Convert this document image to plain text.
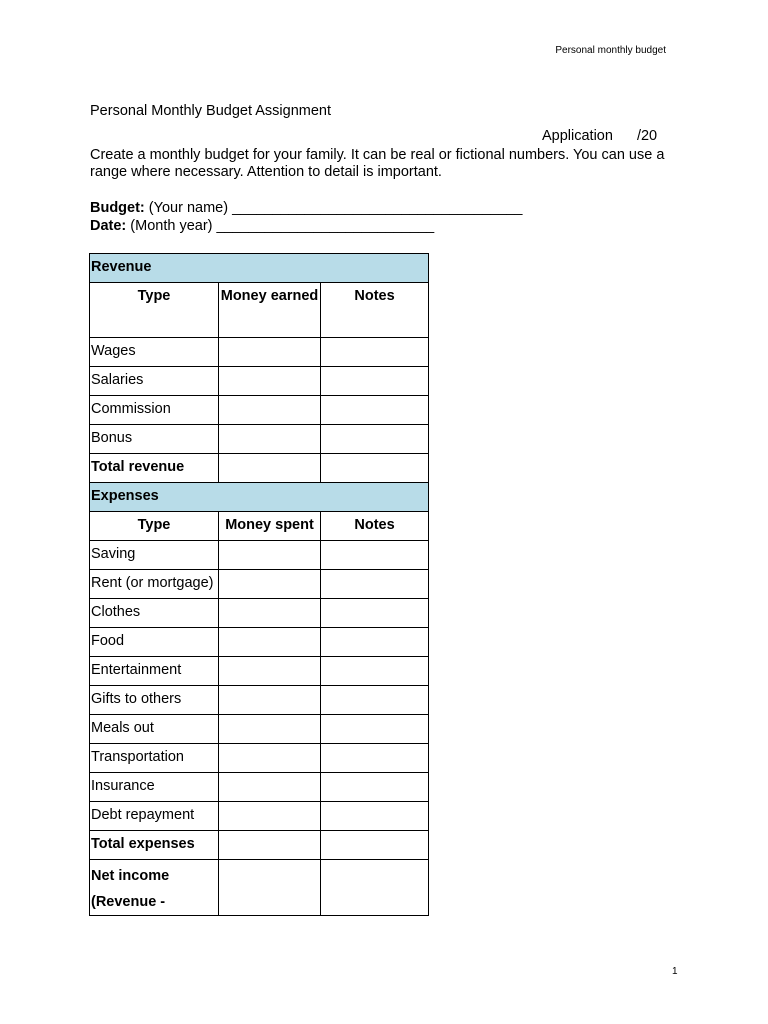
Personal monthly budget
Personal Monthly Budget Assignment
Application /20
Create a monthly budget for your family. It can be real or fictional numbers. You can use a range where necessary. Attention to detail is important.
Budget: (Your name) ____________________________________
Date: (Month year) ___________________________
Revenue		
Type	Money earned	Notes
Wages		
Salaries		
Commission		
Bonus		
Total revenue		
Expenses		
Type	Money spent	Notes
Saving		
Rent (or mortgage)		
Clothes		
Food		
Entertainment		
Gifts to others		
Meals out		
Transportation		
Insurance		
Debt repayment		
Total expenses		
Net income (Revenue -		
1
